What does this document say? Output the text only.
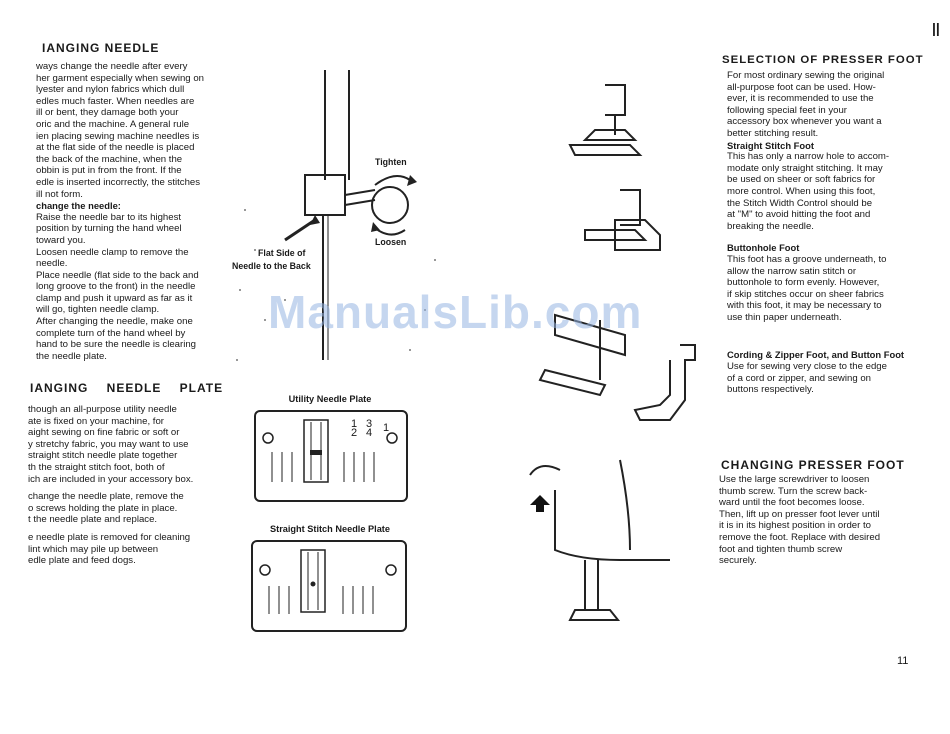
IANGING NEEDLE

ways change the needle after every

her garment especially when sewing on

lyester and nylon fabrics which dull

edles much faster. When needles are

ill or bent, they damage both your

oric and the machine. A general rule

ien placing sewing machine needles is

at the flat side of the needle is placed

the back of the machine, when the

obbin is put in from the front. If the

edle is inserted incorrectly, the stitches

ill not form.

change the needle:

Raise the needle bar to its highest

position by turning the hand wheel

toward you.

Loosen needle clamp to remove the

needle.

Place needle (flat side to the back and

long groove to the front) in the needle

clamp and push it upward as far as it

will go, tighten needle clamp.

After changing the needle, make one

complete turn of the hand wheel by

hand to be sure the needle is clearing

the needle plate.

IANGING NEEDLE PLATE

though an all-purpose utility needle

ate is fixed on your machine, for

aight sewing on fine fabric or soft or

y stretchy fabric, you may want to use

straight stitch needle plate together

th the straight stitch foot, both of

ich are included in your accessory box.

change the needle plate, remove the

o screws holding the plate in place.

t the needle plate and replace.

e needle plate is removed for cleaning

lint which may pile up between

edle plate and feed dogs.

Tighten
Loosen
Flat Side of
Needle to the Back
Utility Needle Plate
1
2
3
4 1
Straight Stitch Needle Plate
SELECTION OF PRESSER FOOT

For most ordinary sewing the original

all-purpose foot can be used. How-

ever, it is recommended to use the

following special feet in your

accessory box whenever you want a

better stitching result.

Straight Stitch Foot

This has only a narrow hole to accom-

modate only straight stitching. It may

be used on sheer or soft fabrics for

more control. When using this foot,

the Stitch Width Control should be

at "M" to avoid hitting the foot and

breaking the needle.

Buttonhole Foot

This foot has a groove underneath, to

allow the narrow satin stitch or

buttonhole to form evenly. However,

if skip stitches occur on sheer fabrics

with this foot, it may be necessary to

use thin paper underneath.

Cording & Zipper Foot, and Button Foot

Use for sewing very close to the edge

of a cord or zipper, and sewing on

buttons respectively.

CHANGING PRESSER FOOT

Use the large screwdriver to loosen

thumb screw. Turn the screw back-

ward until the foot becomes loose.

Then, lift up on presser foot lever until

it is in its highest position in order to

remove the foot. Replace with desired

foot and tighten thumb screw

securely.

11
||
ManualsLib.com
